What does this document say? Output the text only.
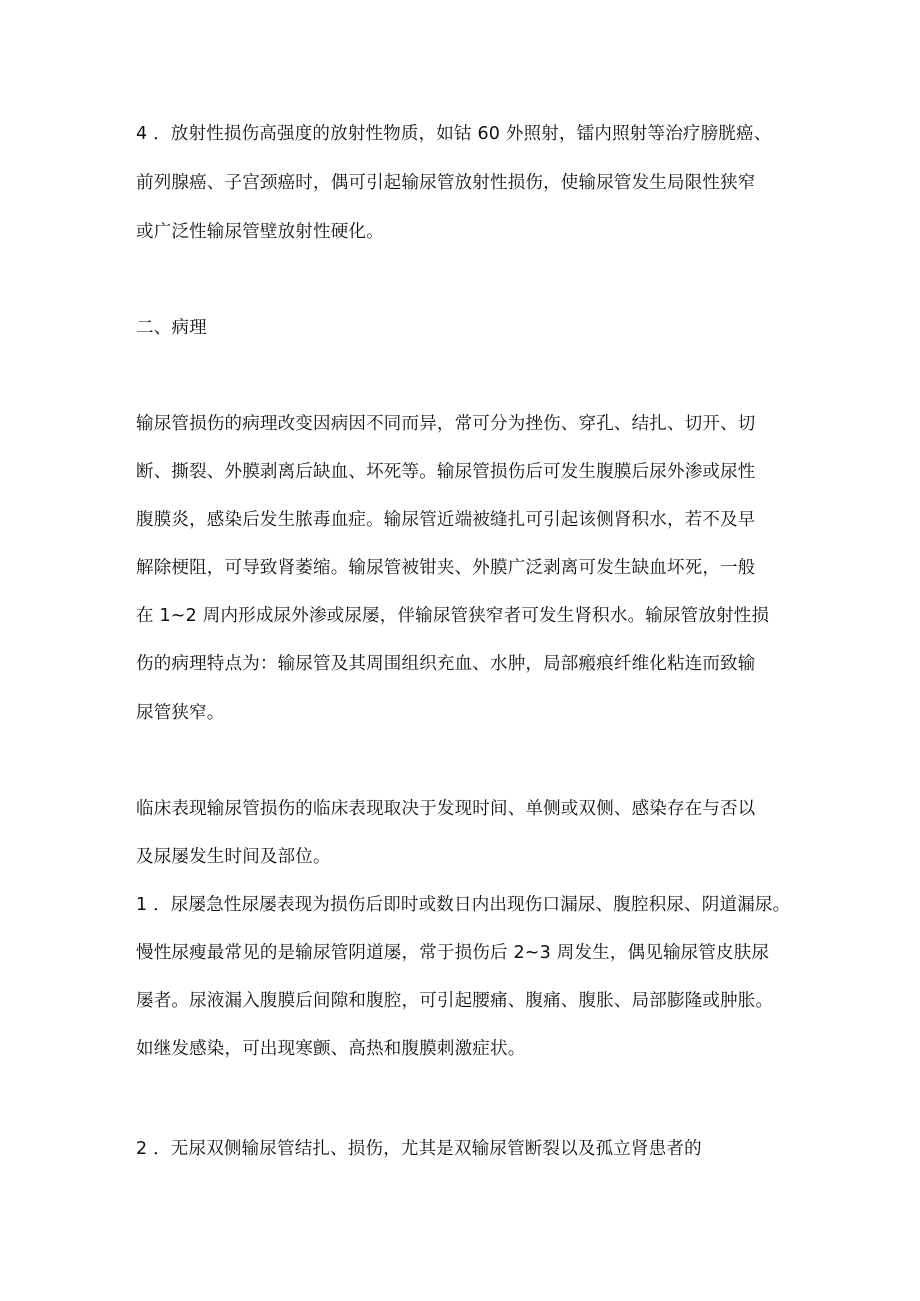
4 ．放射性损伤高强度的放射性物质，如钴 60 外照射，镭内照射等治疗膀胱癌、
前列腺癌、子宫颈癌时，偶可引起输尿管放射性损伤，使输尿管发生局限性狭窄
或广泛性输尿管壁放射性硬化。
二、病理
输尿管损伤的病理改变因病因不同而异，常可分为挫伤、穿孔、结扎、切开、切
断、撕裂、外膜剥离后缺血、坏死等。输尿管损伤后可发生腹膜后尿外渗或尿性
腹膜炎，感染后发生脓毒血症。输尿管近端被缝扎可引起该侧肾积水，若不及早
解除梗阻，可导致肾萎缩。输尿管被钳夹、外膜广泛剥离可发生缺血坏死，一般
在 1~2 周内形成尿外渗或尿屡，伴输尿管狭窄者可发生肾积水。输尿管放射性损
伤的病理特点为：输尿管及其周围组织充血、水肿，局部瘢痕纤维化粘连而致输
尿管狭窄。
临床表现输尿管损伤的临床表现取决于发现时间、单侧或双侧、感染存在与否以
及尿屡发生时间及部位。
1 ．尿屡急性尿屡表现为损伤后即时或数日内出现伤口漏尿、腹腔积尿、阴道漏尿。
慢性尿瘦最常见的是输尿管阴道屡，常于损伤后 2~3 周发生，偶见输尿管皮肤尿
屡者。尿液漏入腹膜后间隙和腹腔，可引起腰痛、腹痛、腹胀、局部膨隆或肿胀。
如继发感染，可出现寒颤、高热和腹膜刺激症状。
2 ．无尿双侧输尿管结扎、损伤，尤其是双输尿管断裂以及孤立肾患者的
